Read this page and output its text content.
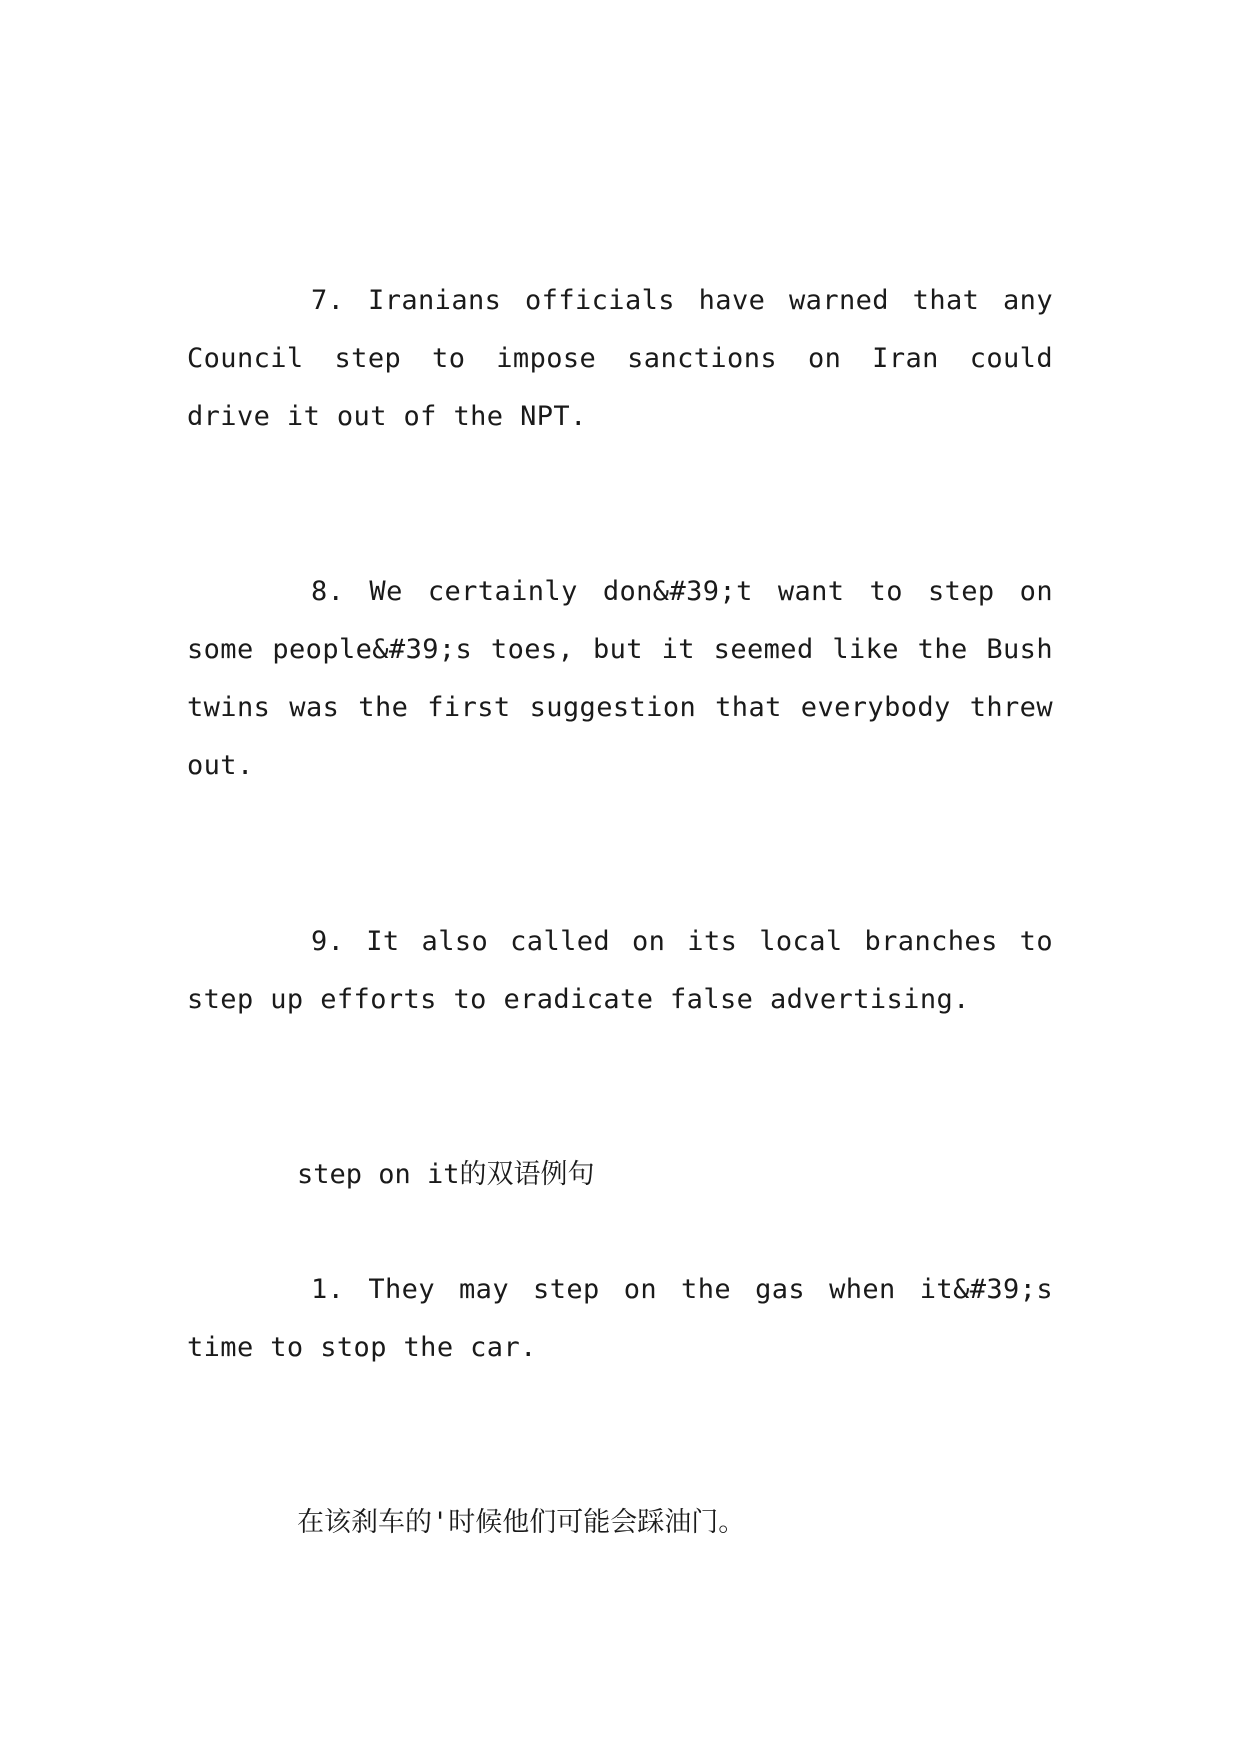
7. Iranians officials have warned that any Council step to impose sanctions on Iran could drive it out of the NPT.

8. We certainly don&#39;t want to step on some people&#39;s toes, but it seemed like the Bush twins was the first suggestion that everybody threw out.

9. It also called on its local branches to step up efforts to eradicate false advertising.

step on it的双语例句

1. They may step on the gas when it&#39;s time to stop the car.

在该刹车的'时候他们可能会踩油门。
